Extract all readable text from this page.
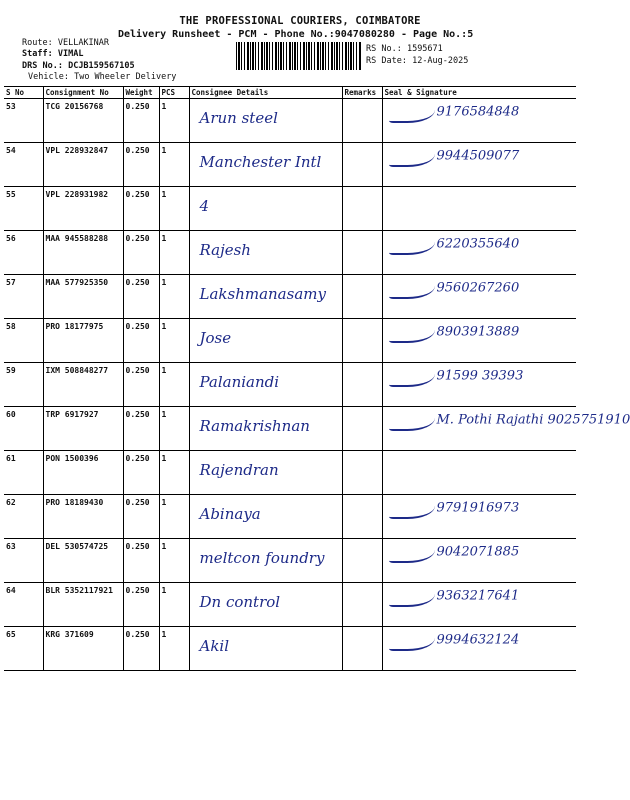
THE PROFESSIONAL COURIERS, COIMBATORE
Delivery Runsheet - PCM - Phone No.:9047080280 - Page No.:5
Route: VELLAKINAR
Staff: VIMAL
DRS No.: DCJB159567105
Vehicle: Two Wheeler Delivery
RS No.: 1595671
RS Date: 12-Aug-2025
S No	Consignment No	Weight	PCS	Consignee Details	Remarks	Seal & Signature
53	TCG 20156768	0.250	1	Arun steel		9176584848

54	VPL 228932847	0.250	1	Manchester Intl		9944509077

55	VPL 228931982	0.250	1	4		

56	MAA 945588288	0.250	1	Rajesh		6220355640

57	MAA 577925350	0.250	1	Lakshmanasamy		9560267260

58	PRO 18177975	0.250	1	Jose		8903913889

59	IXM 508848277	0.250	1	Palaniandi		91599 39393

60	TRP 6917927	0.250	1	Ramakrishnan		M. Pothi Rajathi 9025751910

61	PON 1500396	0.250	1	Rajendran		

62	PRO 18189430	0.250	1	Abinaya		9791916973

63	DEL 530574725	0.250	1	meltcon foundry		9042071885

64	BLR 5352117921	0.250	1	Dn control		9363217641

65	KRG 371609	0.250	1	Akil		9994632124
